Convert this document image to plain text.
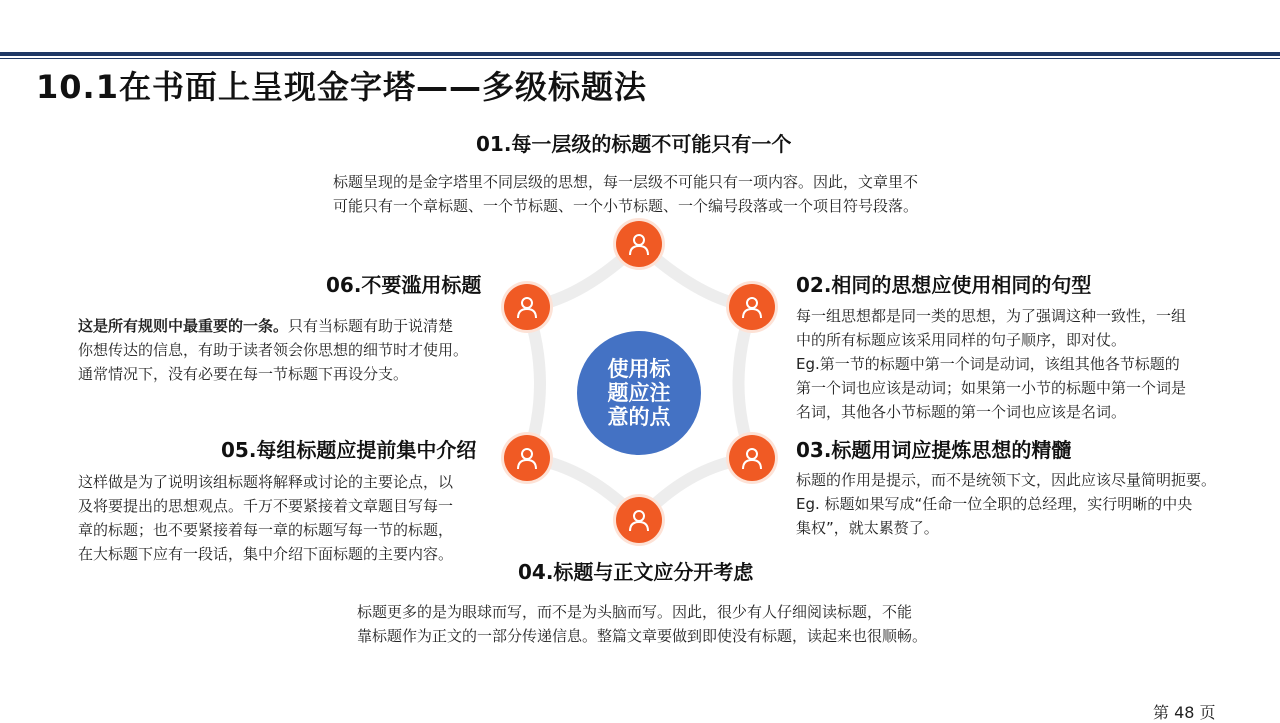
10.1在书面上呈现金字塔——多级标题法
使用标题应注意的点
01.每一层级的标题不可能只有一个
标题呈现的是金字塔里不同层级的思想，每一层级不可能只有一项内容。因此，文章里不
可能只有一个章标题、一个节标题、一个小节标题、一个编号段落或一个项目符号段落。
02.相同的思想应使用相同的句型
每一组思想都是同一类的思想，为了强调这种一致性，一组
中的所有标题应该采用同样的句子顺序，即对仗。
Eg.第一节的标题中第一个词是动词，该组其他各节标题的
第一个词也应该是动词；如果第一小节的标题中第一个词是
名词，其他各小节标题的第一个词也应该是名词。
03.标题用词应提炼思想的精髓
标题的作用是提示，而不是统领下文，因此应该尽量简明扼要。
Eg. 标题如果写成“任命一位全职的总经理，实行明晰的中央
集权”，就太累赘了。
04.标题与正文应分开考虑
标题更多的是为眼球而写，而不是为头脑而写。因此，很少有人仔细阅读标题，不能
靠标题作为正文的一部分传递信息。整篇文章要做到即使没有标题，读起来也很顺畅。
05.每组标题应提前集中介绍
这样做是为了说明该组标题将解释或讨论的主要论点，以
及将要提出的思想观点。千万不要紧接着文章题目写每一
章的标题；也不要紧接着每一章的标题写每一节的标题，
在大标题下应有一段话，集中介绍下面标题的主要内容。
06.不要滥用标题
这是所有规则中最重要的一条。只有当标题有助于说清楚
你想传达的信息，有助于读者领会你思想的细节时才使用。
通常情况下，没有必要在每一节标题下再设分支。
第 48 页
